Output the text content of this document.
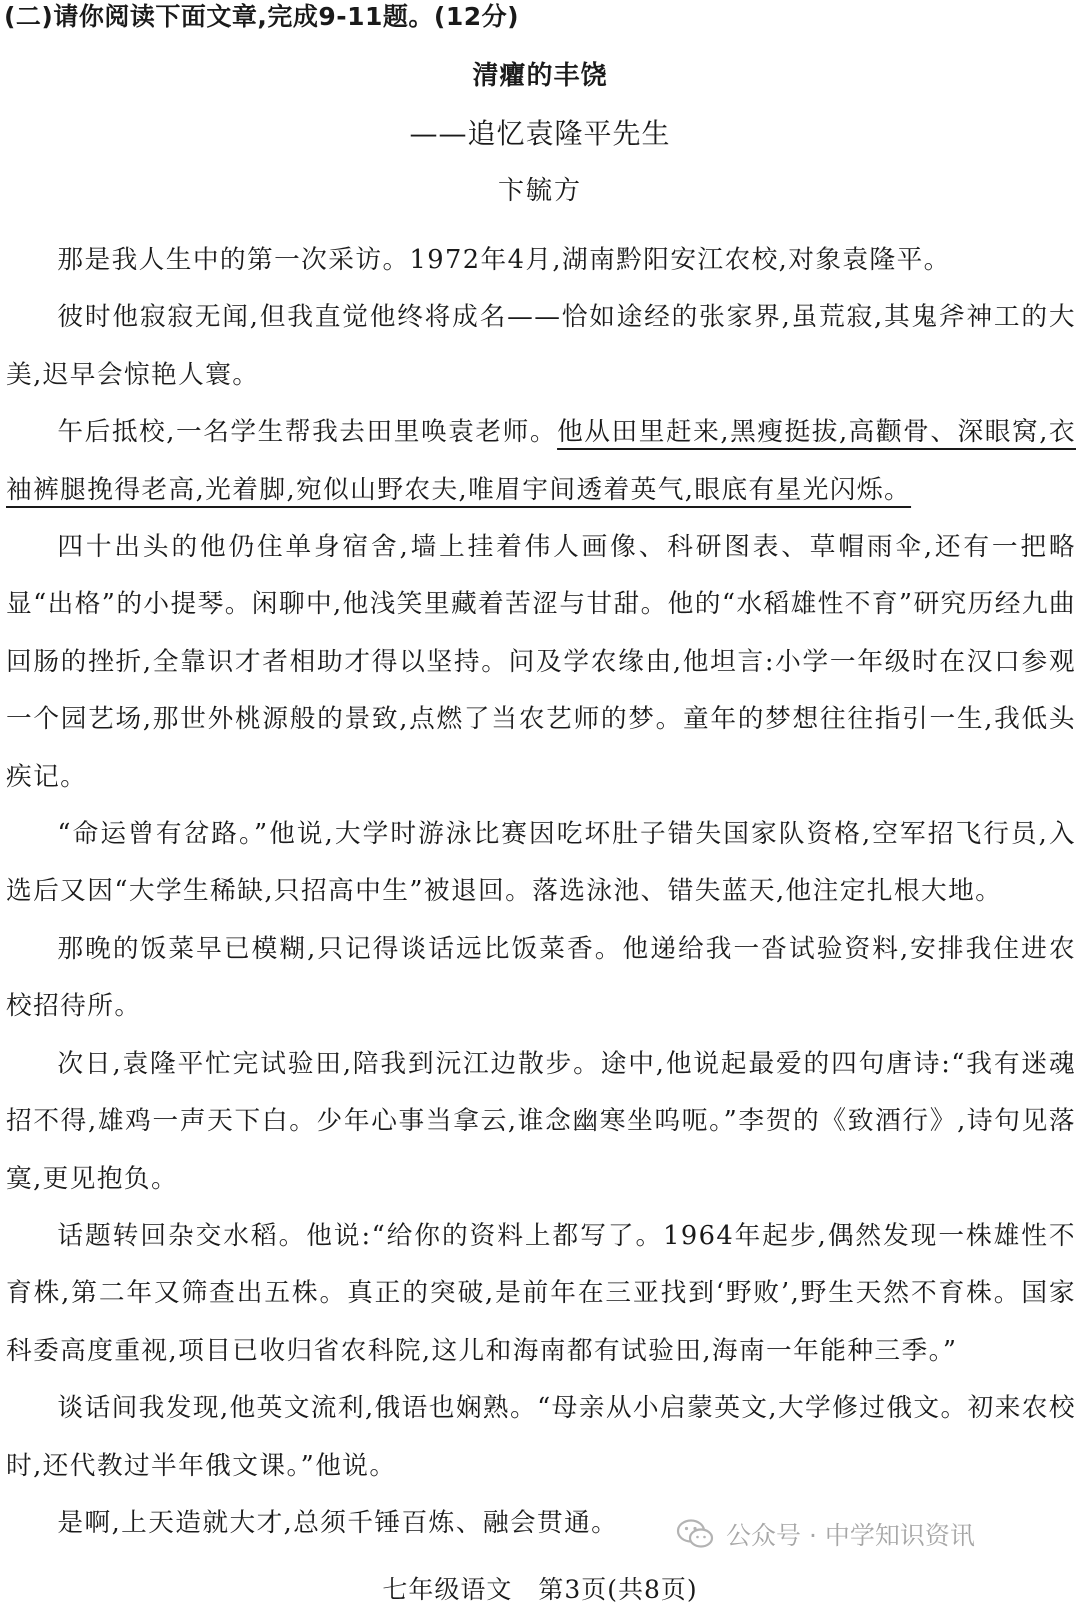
(二)请你阅读下面文章,完成9-11题。(12分)
清癯的丰饶
——追忆袁隆平先生
卞毓方

那是我人生中的第一次采访。1972年4月,湖南黔阳安江农校,对象袁隆平。

彼时他寂寂无闻,但我直觉他终将成名——恰如途经的张家界,虽荒寂,其鬼斧神工的大美,迟早会惊艳人寰。

午后抵校,一名学生帮我去田里唤袁老师。他从田里赶来,黑瘦挺拔,高颧骨、深眼窝,衣袖裤腿挽得老高,光着脚,宛似山野农夫,唯眉宇间透着英气,眼底有星光闪烁。

四十出头的他仍住单身宿舍,墙上挂着伟人画像、科研图表、草帽雨伞,还有一把略显“出格”的小提琴。闲聊中,他浅笑里藏着苦涩与甘甜。他的“水稻雄性不育”研究历经九曲回肠的挫折,全靠识才者相助才得以坚持。问及学农缘由,他坦言:小学一年级时在汉口参观一个园艺场,那世外桃源般的景致,点燃了当农艺师的梦。童年的梦想往往指引一生,我低头疾记。

“命运曾有岔路。”他说,大学时游泳比赛因吃坏肚子错失国家队资格,空军招飞行员,入选后又因“大学生稀缺,只招高中生”被退回。落选泳池、错失蓝天,他注定扎根大地。

那晚的饭菜早已模糊,只记得谈话远比饭菜香。他递给我一沓试验资料,安排我住进农校招待所。

次日,袁隆平忙完试验田,陪我到沅江边散步。途中,他说起最爱的四句唐诗:“我有迷魂招不得,雄鸡一声天下白。少年心事当拿云,谁念幽寒坐呜呃。”李贺的《致酒行》,诗句见落寞,更见抱负。

话题转回杂交水稻。他说:“给你的资料上都写了。1964年起步,偶然发现一株雄性不育株,第二年又筛查出五株。真正的突破,是前年在三亚找到‘野败’,野生天然不育株。国家科委高度重视,项目已收归省农科院,这儿和海南都有试验田,海南一年能种三季。”

谈话间我发现,他英文流利,俄语也娴熟。“母亲从小启蒙英文,大学修过俄文。初来农校时,还代教过半年俄文课。”他说。

是啊,上天造就大才,总须千锤百炼、融会贯通。	公众号 · 中学知识资讯
七年级语文　第3页(共8页)
